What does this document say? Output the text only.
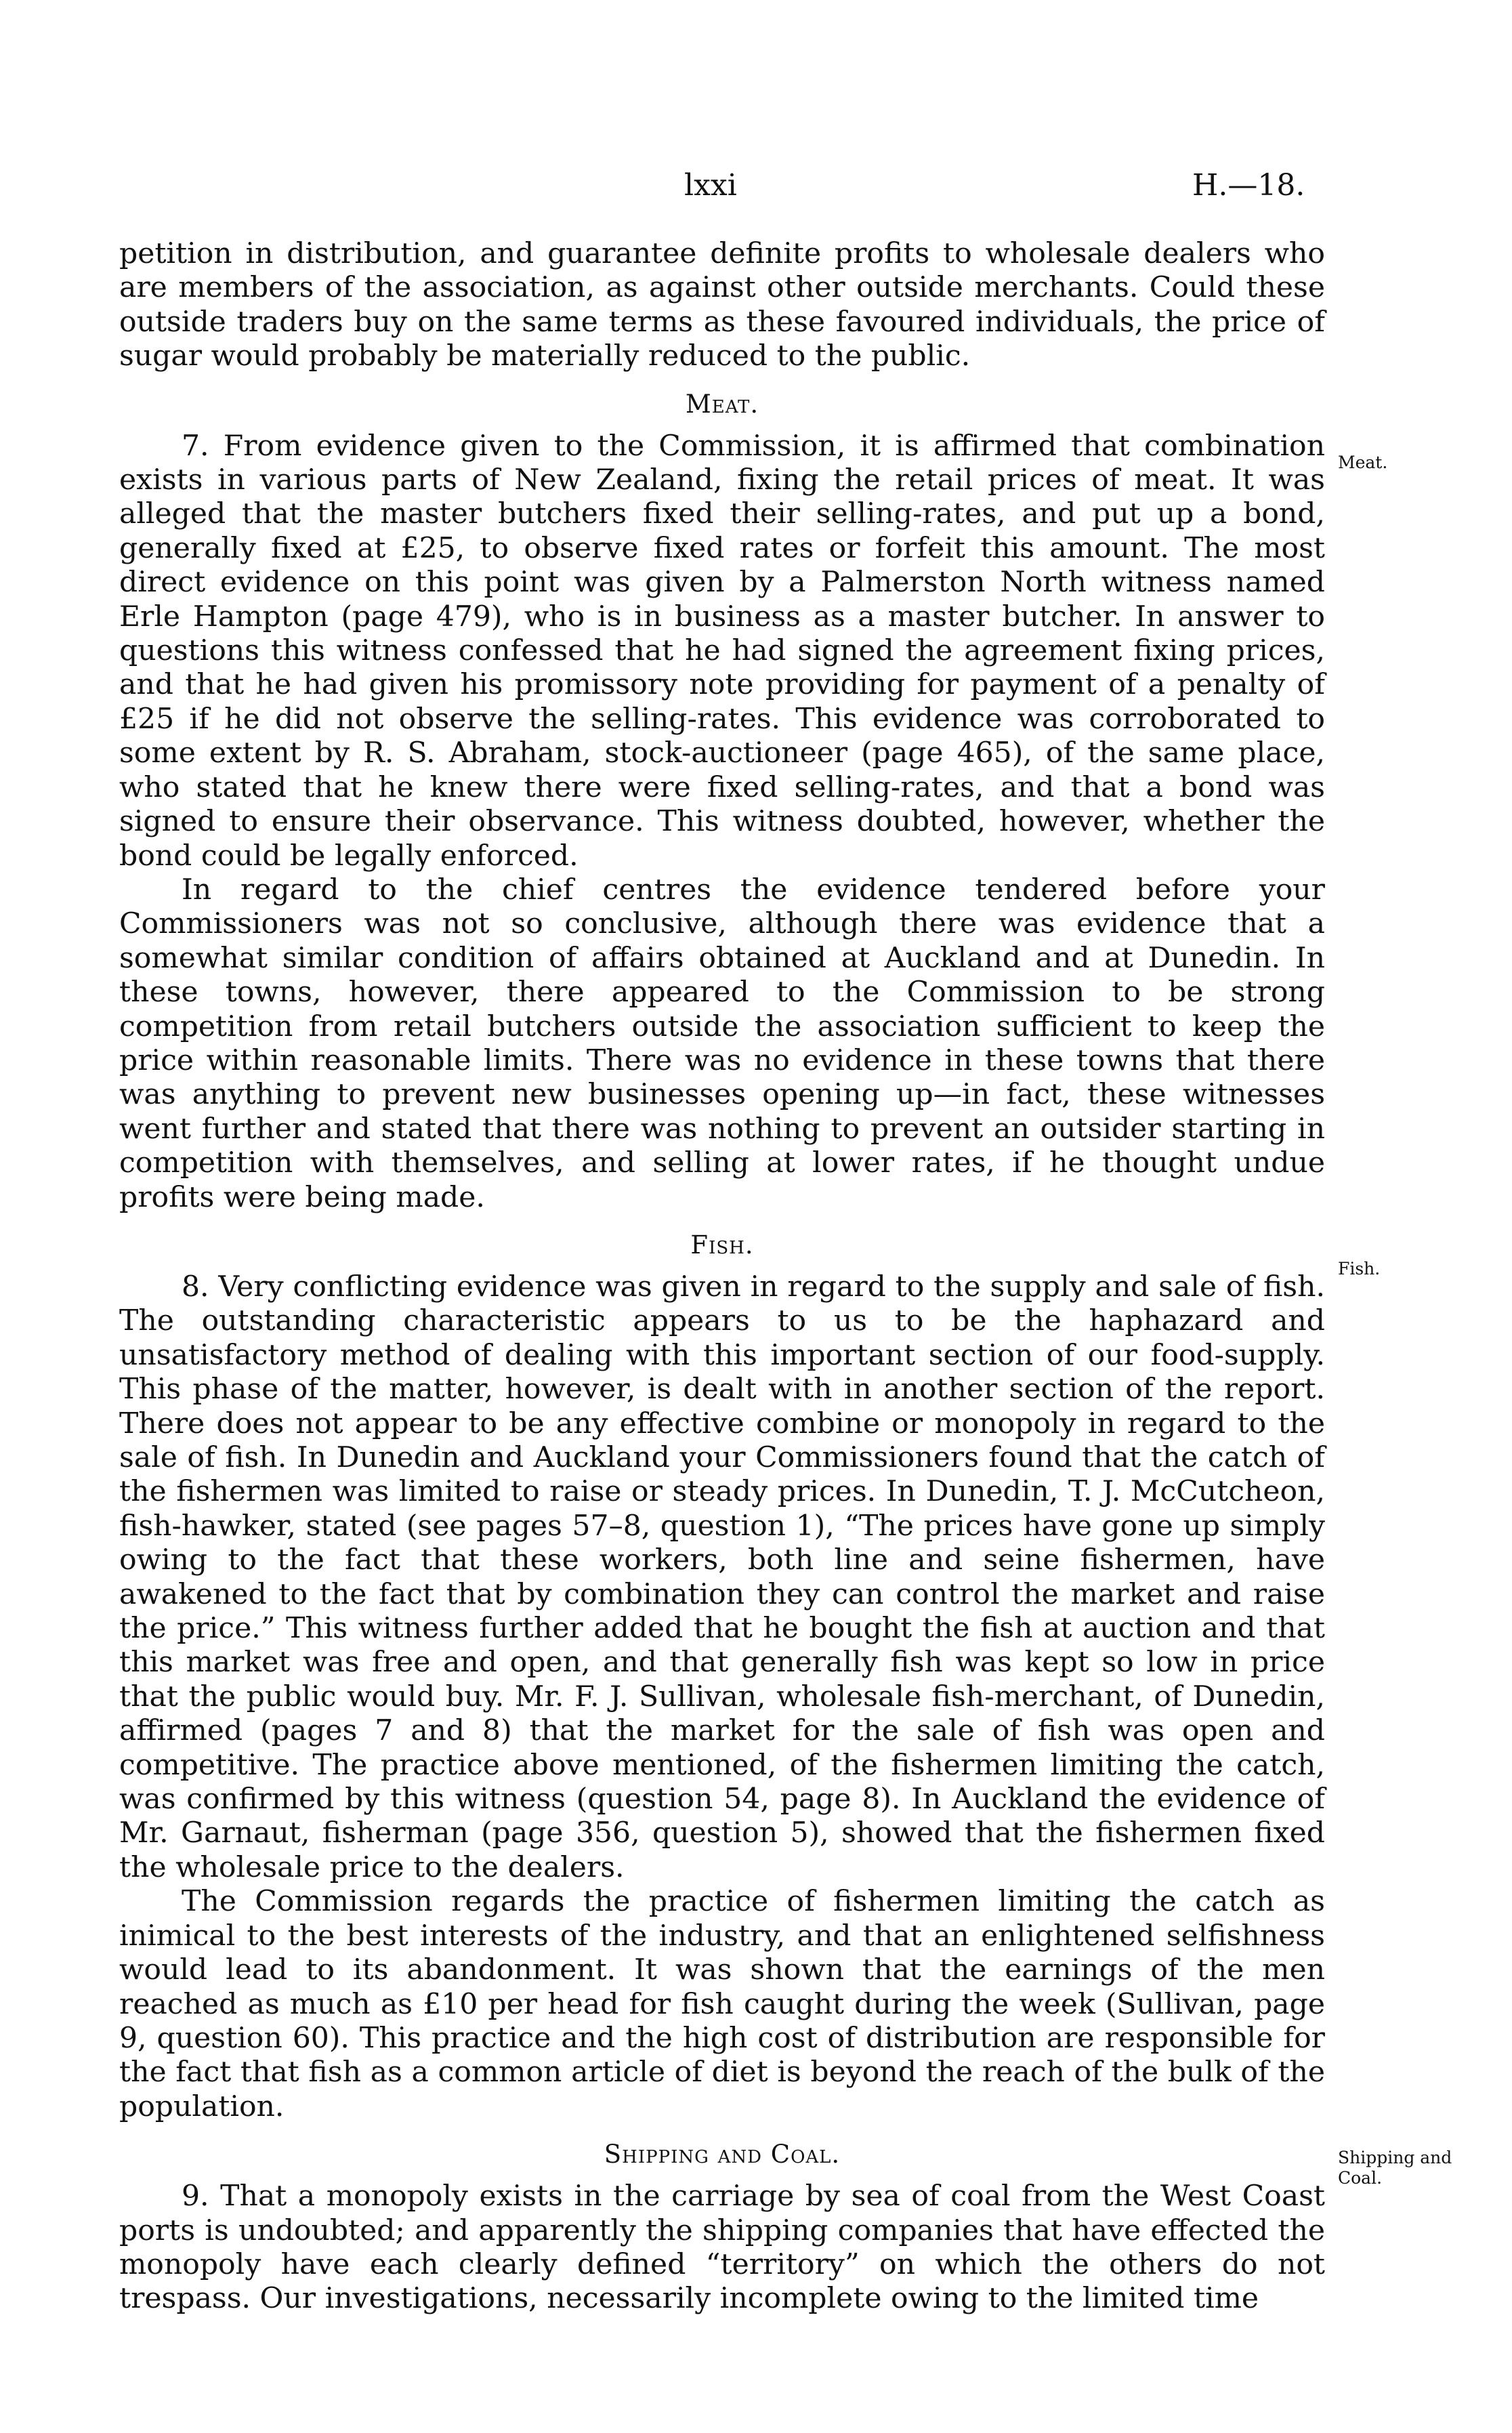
lxxi	H.—18.

petition in distribution, and guarantee definite profits to wholesale dealers who are members of the association, as against other outside merchants. Could these outside traders buy on the same terms as these favoured individuals, the price of sugar would probably be materially reduced to the public.

Meat.

7. From evidence given to the Commission, it is affirmed that combination exists in various parts of New Zealand, fixing the retail prices of meat. It was alleged that the master butchers fixed their selling-rates, and put up a bond, generally fixed at £25, to observe fixed rates or forfeit this amount. The most direct evidence on this point was given by a Palmerston North witness named Erle Hampton (page 479), who is in business as a master butcher. In answer to questions this witness confessed that he had signed the agreement fixing prices, and that he had given his promissory note providing for payment of a penalty of £25 if he did not observe the selling-rates. This evidence was corroborated to some extent by R. S. Abraham, stock-auctioneer (page 465), of the same place, who stated that he knew there were fixed selling-rates, and that a bond was signed to ensure their observance. This witness doubted, however, whether the bond could be legally enforced.

In regard to the chief centres the evidence tendered before your Commissioners was not so conclusive, although there was evidence that a somewhat similar condition of affairs obtained at Auckland and at Dunedin. In these towns, however, there appeared to the Commission to be strong competition from retail butchers outside the association sufficient to keep the price within reasonable limits. There was no evidence in these towns that there was anything to prevent new businesses opening up—in fact, these witnesses went further and stated that there was nothing to prevent an outsider starting in competition with themselves, and selling at lower rates, if he thought undue profits were being made.

Fish.

8. Very conflicting evidence was given in regard to the supply and sale of fish. The outstanding characteristic appears to us to be the haphazard and unsatisfactory method of dealing with this important section of our food-supply. This phase of the matter, however, is dealt with in another section of the report. There does not appear to be any effective combine or monopoly in regard to the sale of fish. In Dunedin and Auckland your Commissioners found that the catch of the fishermen was limited to raise or steady prices. In Dunedin, T. J. McCutcheon, fish-hawker, stated (see pages 57–8, question 1), “The prices have gone up simply owing to the fact that these workers, both line and seine fishermen, have awakened to the fact that by combination they can control the market and raise the price.” This witness further added that he bought the fish at auction and that this market was free and open, and that generally fish was kept so low in price that the public would buy. Mr. F. J. Sullivan, wholesale fish-merchant, of Dunedin, affirmed (pages 7 and 8) that the market for the sale of fish was open and competitive. The practice above mentioned, of the fishermen limiting the catch, was confirmed by this witness (question 54, page 8). In Auckland the evidence of Mr. Garnaut, fisherman (page 356, question 5), showed that the fishermen fixed the wholesale price to the dealers.

The Commission regards the practice of fishermen limiting the catch as inimical to the best interests of the industry, and that an enlightened selfishness would lead to its abandonment. It was shown that the earnings of the men reached as much as £10 per head for fish caught during the week (Sullivan, page 9, question 60). This practice and the high cost of distribution are responsible for the fact that fish as a common article of diet is beyond the reach of the bulk of the population.

Shipping and Coal.

9. That a monopoly exists in the carriage by sea of coal from the West Coast ports is undoubted; and apparently the shipping companies that have effected the monopoly have each clearly defined “territory” on which the others do not trespass. Our investigations, necessarily incomplete owing to the limited time

Meat.
Fish.
Shipping and Coal.
